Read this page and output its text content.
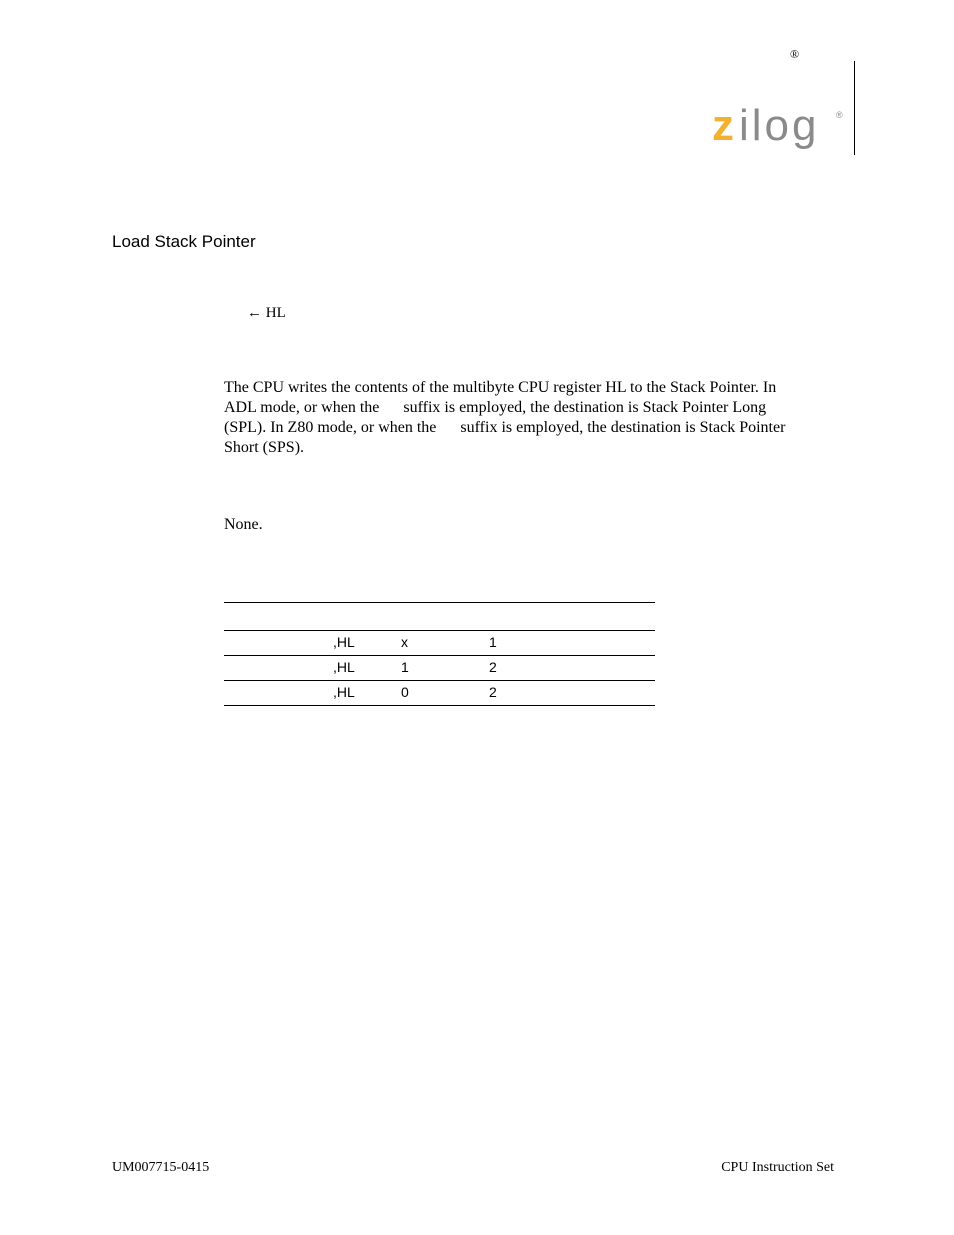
®
z ilog ®
Load Stack Pointer
← HL

The CPU writes the contents of the multibyte CPU register HL to the Stack Pointer. In

ADL mode, or when the      suffix is employed, the destination is Stack Pointer Long

(SPL). In Z80 mode, or when the      suffix is employed, the destination is Stack Pointer

Short (SPS).

None.
,HL	x	1
,HL	1	2
,HL	0	2
UM007715-0415	CPU Instruction Set
